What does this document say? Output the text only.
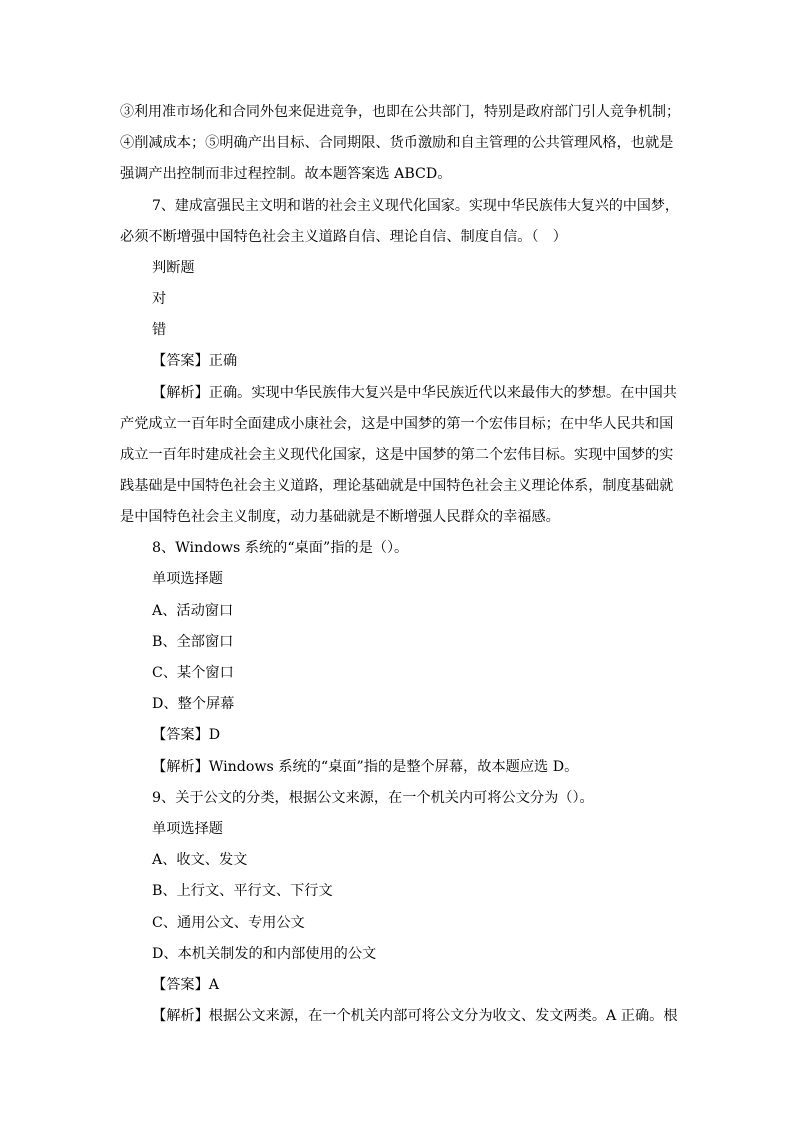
③利用准市场化和合同外包来促进竞争，也即在公共部门，特别是政府部门引人竞争机制；
④削减成本；⑤明确产出目标、合同期限、货币激励和自主管理的公共管理风格，也就是
强调产出控制而非过程控制。故本题答案选 ABCD。
7、建成富强民主文明和谐的社会主义现代化国家。实现中华民族伟大复兴的中国梦，
必须不断增强中国特色社会主义道路自信、理论自信、制度自信。（　）
判断题
对
错
【答案】正确
【解析】正确。实现中华民族伟大复兴是中华民族近代以来最伟大的梦想。在中国共
产党成立一百年时全面建成小康社会，这是中国梦的第一个宏伟目标；在中华人民共和国
成立一百年时建成社会主义现代化国家，这是中国梦的第二个宏伟目标。实现中国梦的实
践基础是中国特色社会主义道路，理论基础就是中国特色社会主义理论体系，制度基础就
是中国特色社会主义制度，动力基础就是不断增强人民群众的幸福感。
8、Windows 系统的“桌面”指的是（）。
单项选择题
A、活动窗口
B、全部窗口
C、某个窗口
D、整个屏幕
【答案】D
【解析】Windows 系统的“桌面”指的是整个屏幕，故本题应选 D。
9、关于公文的分类，根据公文来源，在一个机关内可将公文分为（）。
单项选择题
A、收文、发文
B、上行文、平行文、下行文
C、通用公文、专用公文
D、本机关制发的和内部使用的公文
【答案】A
【解析】根据公文来源，在一个机关内部可将公文分为收文、发文两类。A 正确。根
